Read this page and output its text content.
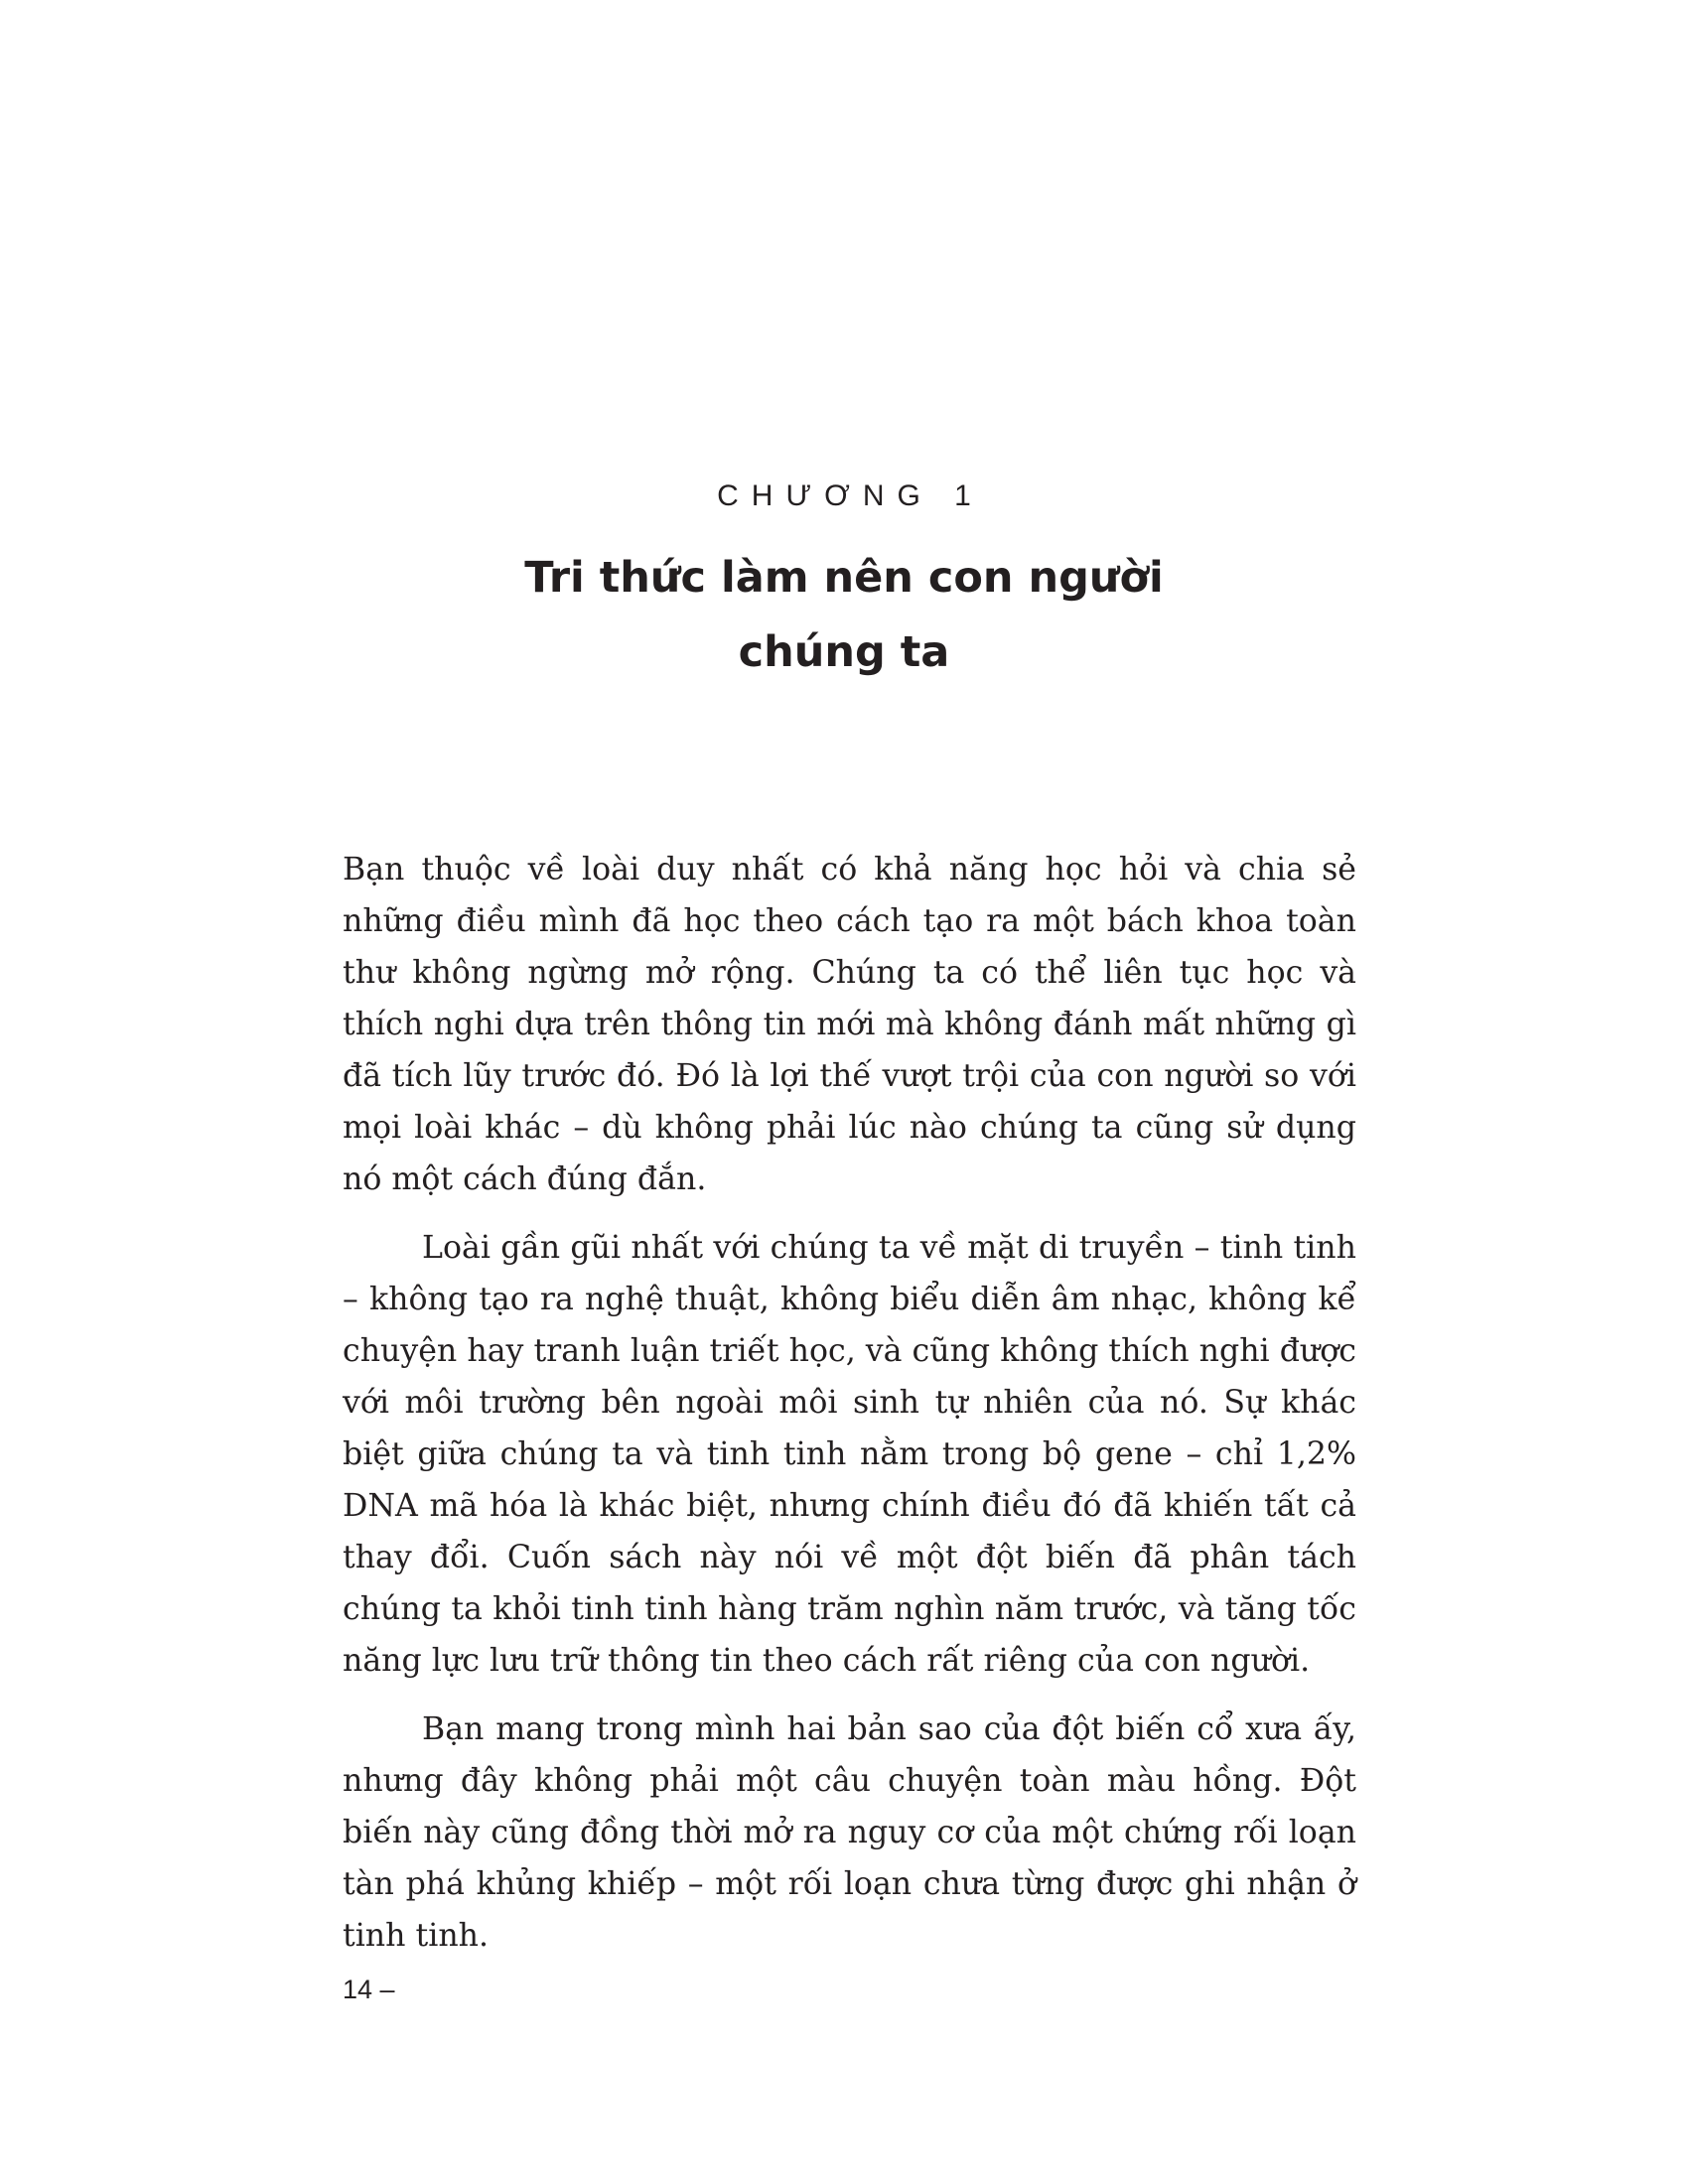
CHƯƠNG 1
Tri thức làm nên con người
chúng ta

Bạn thuộc về loài duy nhất có khả năng học hỏi và chia sẻ những điều mình đã học theo cách tạo ra một bách khoa toàn thư không ngừng mở rộng. Chúng ta có thể liên tục học và thích nghi dựa trên thông tin mới mà không đánh mất những gì đã tích lũy trước đó. Đó là lợi thế vượt trội của con người so với mọi loài khác – dù không phải lúc nào chúng ta cũng sử dụng nó một cách đúng đắn.

Loài gần gũi nhất với chúng ta về mặt di truyền – tinh tinh – không tạo ra nghệ thuật, không biểu diễn âm nhạc, không kể chuyện hay tranh luận triết học, và cũng không thích nghi được với môi trường bên ngoài môi sinh tự nhiên của nó. Sự khác biệt giữa chúng ta và tinh tinh nằm trong bộ gene – chỉ 1,2% DNA mã hóa là khác biệt, nhưng chính điều đó đã khiến tất cả thay đổi. Cuốn sách này nói về một đột biến đã phân tách chúng ta khỏi tinh tinh hàng trăm nghìn năm trước, và tăng tốc năng lực lưu trữ thông tin theo cách rất riêng của con người.

Bạn mang trong mình hai bản sao của đột biến cổ xưa ấy, nhưng đây không phải một câu chuyện toàn màu hồng. Đột biến này cũng đồng thời mở ra nguy cơ của một chứng rối loạn tàn phá khủng khiếp – một rối loạn chưa từng được ghi nhận ở tinh tinh.

14 –
